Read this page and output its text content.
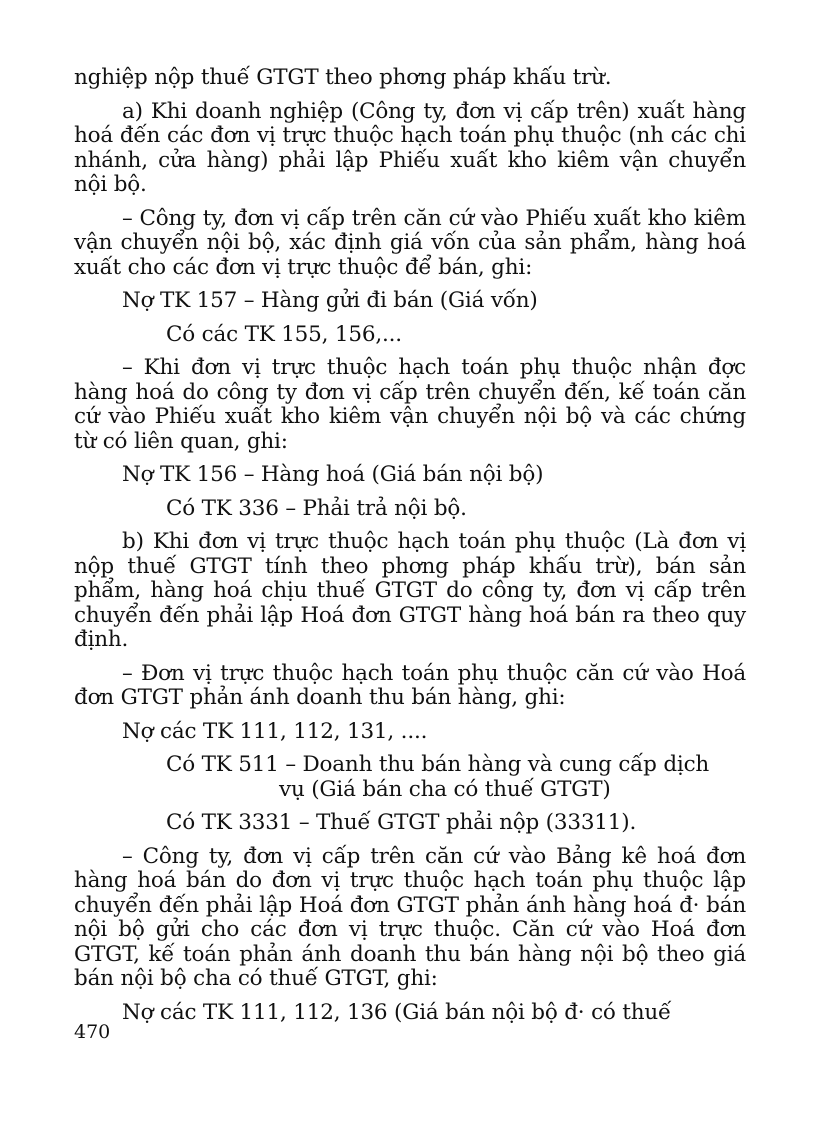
nghiệp nộp thuế GTGT theo phơng pháp khấu trừ.

a) Khi doanh nghiệp (Công ty, đơn vị cấp trên) xuất hàng hoá đến các đơn vị trực thuộc hạch toán phụ thuộc (nh các chi nhánh, cửa hàng) phải lập Phiếu xuất kho kiêm vận chuyển nội bộ.

– Công ty, đơn vị cấp trên căn cứ vào Phiếu xuất kho kiêm vận chuyển nội bộ, xác định giá vốn của sản phẩm, hàng hoá xuất cho các đơn vị trực thuộc để bán, ghi:

Nợ TK 157 – Hàng gửi đi bán (Giá vốn)

Có các TK 155, 156,...

– Khi đơn vị trực thuộc hạch toán phụ thuộc nhận đợc hàng hoá do công ty đơn vị cấp trên chuyển đến, kế toán căn cứ vào Phiếu xuất kho kiêm vận chuyển nội bộ và các chứng từ có liên quan, ghi:

Nợ TK 156 – Hàng hoá (Giá bán nội bộ)

Có TK 336 – Phải trả nội bộ.

b) Khi đơn vị trực thuộc hạch toán phụ thuộc (Là đơn vị nộp thuế GTGT tính theo phơng pháp khấu trừ), bán sản phẩm, hàng hoá chịu thuế GTGT do công ty, đơn vị cấp trên chuyển đến phải lập Hoá đơn GTGT hàng hoá bán ra theo quy định.

– Đơn vị trực thuộc hạch toán phụ thuộc căn cứ vào Hoá đơn GTGT phản ánh doanh thu bán hàng, ghi:

Nợ các TK 111, 112, 131, ....

Có TK 511 – Doanh thu bán hàng và cung cấp dịch
vụ (Giá bán cha có thuế GTGT)

Có TK 3331 – Thuế GTGT phải nộp (33311).

– Công ty, đơn vị cấp trên căn cứ vào Bảng kê hoá đơn hàng hoá bán do đơn vị trực thuộc hạch toán phụ thuộc lập chuyển đến phải lập Hoá đơn GTGT phản ánh hàng hoá đ· bán nội bộ gửi cho các đơn vị trực thuộc. Căn cứ vào Hoá đơn GTGT, kế toán phản ánh doanh thu bán hàng nội bộ theo giá bán nội bộ cha có thuế GTGT, ghi:

Nợ các TK 111, 112, 136 (Giá bán nội bộ đ· có thuế

470
